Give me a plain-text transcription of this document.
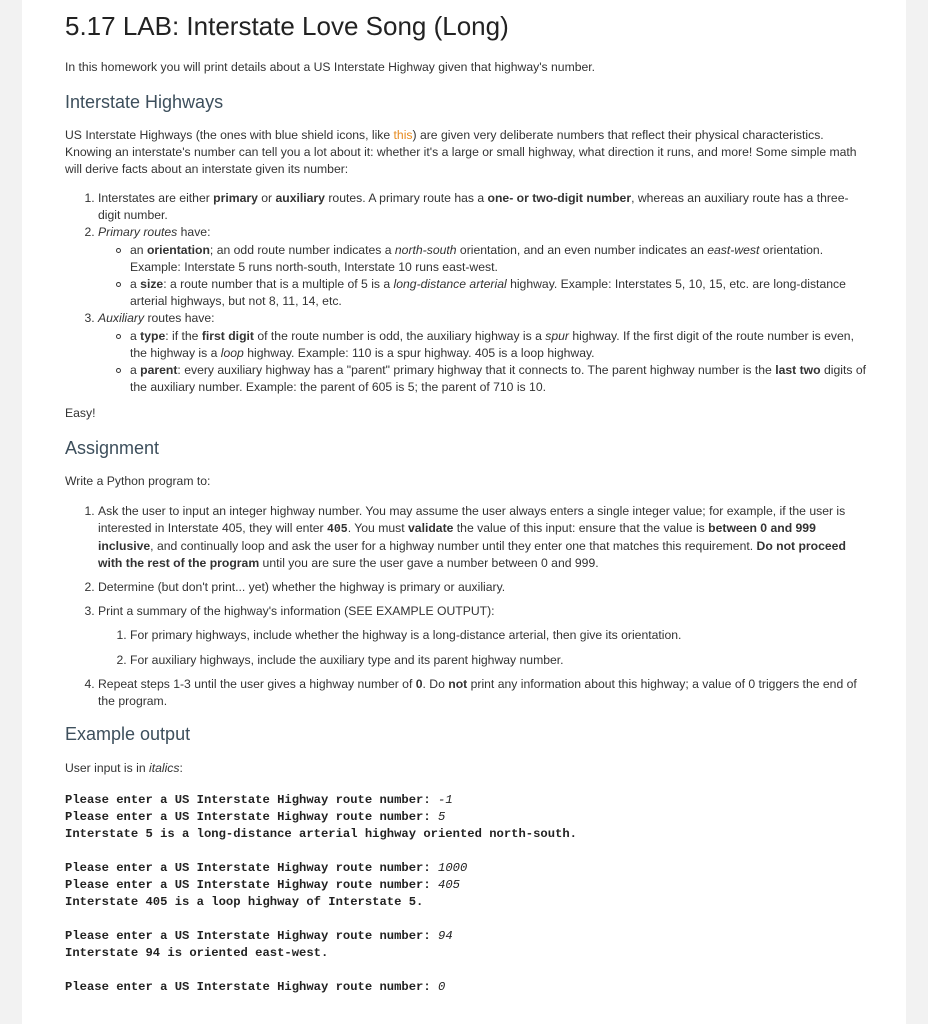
5.17 LAB: Interstate Love Song (Long)

In this homework you will print details about a US Interstate Highway given that highway's number.

Interstate Highways

US Interstate Highways (the ones with blue shield icons, like this) are given very deliberate numbers that reflect their physical characteristics. Knowing an interstate's number can tell you a lot about it: whether it's a large or small highway, what direction it runs, and more! Some simple math will derive facts about an interstate given its number:

1. Interstates are either primary or auxiliary routes. A primary route has a one- or two-digit number, whereas an auxiliary route has a three-digit number.
2. Primary routes have:
an orientation; an odd route number indicates a north-south orientation, and an even number indicates an east-west orientation. Example: Interstate 5 runs north-south, Interstate 10 runs east-west.
a size: a route number that is a multiple of 5 is a long-distance arterial highway. Example: Interstates 5, 10, 15, etc. are long-distance arterial highways, but not 8, 11, 14, etc.
3. Auxiliary routes have:
a type: if the first digit of the route number is odd, the auxiliary highway is a spur highway. If the first digit of the route number is even, the highway is a loop highway. Example: 110 is a spur highway. 405 is a loop highway.
a parent: every auxiliary highway has a "parent" primary highway that it connects to. The parent highway number is the last two digits of the auxiliary number. Example: the parent of 605 is 5; the parent of 710 is 10.

Easy!

Assignment

Write a Python program to:

1. Ask the user to input an integer highway number. You may assume the user always enters a single integer value; for example, if the user is interested in Interstate 405, they will enter 405. You must validate the value of this input: ensure that the value is between 0 and 999 inclusive, and continually loop and ask the user for a highway number until they enter one that matches this requirement. Do not proceed with the rest of the program until you are sure the user gave a number between 0 and 999.
2. Determine (but don't print... yet) whether the highway is primary or auxiliary.
3. Print a summary of the highway's information (SEE EXAMPLE OUTPUT):
1. For primary highways, include whether the highway is a long-distance arterial, then give its orientation.
2. For auxiliary highways, include the auxiliary type and its parent highway number.
4. Repeat steps 1-3 until the user gives a highway number of 0. Do not print any information about this highway; a value of 0 triggers the end of the program.
Example output

User input is in italics:

Please enter a US Interstate Highway route number: -1
Please enter a US Interstate Highway route number: 5
Interstate 5 is a long-distance arterial highway oriented north-south.
Please enter a US Interstate Highway route number: 1000
Please enter a US Interstate Highway route number: 405
Interstate 405 is a loop highway of Interstate 5.
Please enter a US Interstate Highway route number: 94
Interstate 94 is oriented east-west.
Please enter a US Interstate Highway route number: 0
